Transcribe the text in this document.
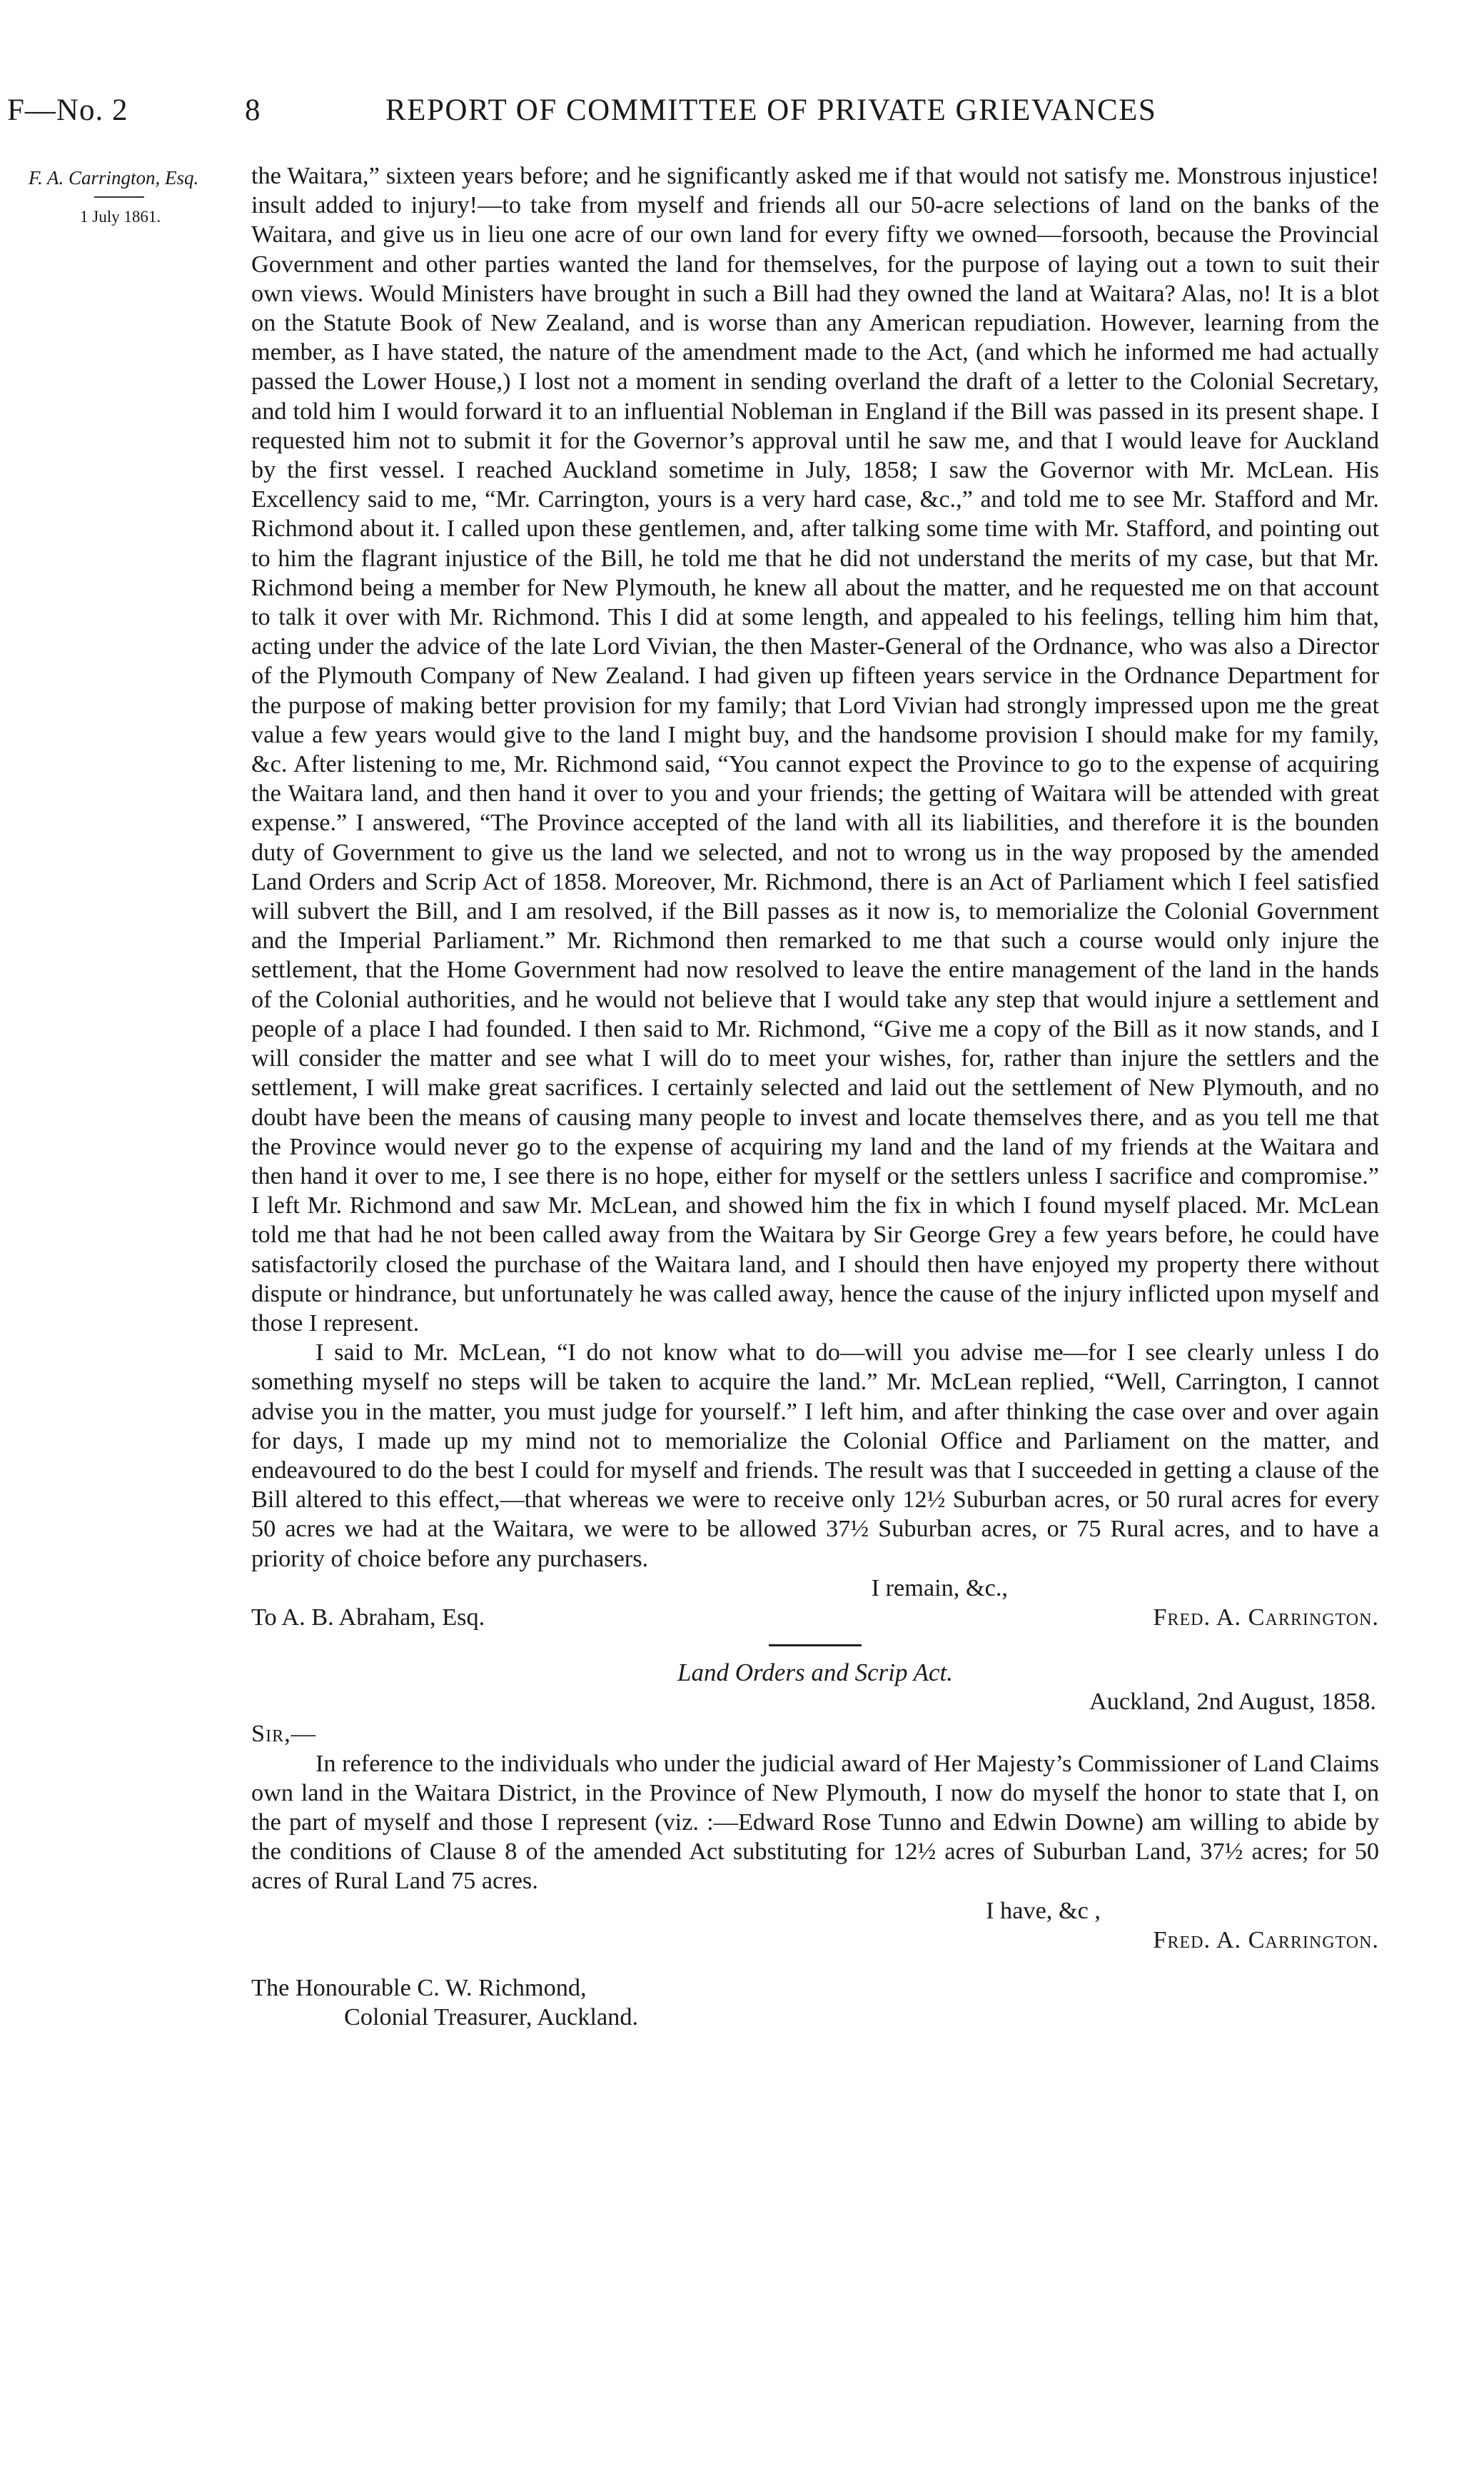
F—No. 2	8	REPORT OF COMMITTEE OF PRIVATE GRIEVANCES
F. A. Carrington, Esq.
1 July 1861.

the Waitara,” sixteen years before; and he significantly asked me if that would not satisfy me. Monstrous injustice! insult added to injury!—to take from myself and friends all our 50-acre selections of land on the banks of the Waitara, and give us in lieu one acre of our own land for every fifty we owned—forsooth, because the Provincial Government and other parties wanted the land for themselves, for the purpose of laying out a town to suit their own views. Would Ministers have brought in such a Bill had they owned the land at Waitara? Alas, no! It is a blot on the Statute Book of New Zealand, and is worse than any American repudiation. However, learning from the member, as I have stated, the nature of the amendment made to the Act, (and which he informed me had actually passed the Lower House,) I lost not a moment in sending overland the draft of a letter to the Colonial Secretary, and told him I would forward it to an influential Nobleman in England if the Bill was passed in its present shape. I requested him not to submit it for the Governor’s approval until he saw me, and that I would leave for Auckland by the first vessel. I reached Auckland sometime in July, 1858; I saw the Governor with Mr. McLean. His Excellency said to me, “Mr. Carrington, yours is a very hard case, &c.,” and told me to see Mr. Stafford and Mr. Richmond about it. I called upon these gentlemen, and, after talking some time with Mr. Stafford, and pointing out to him the flagrant injustice of the Bill, he told me that he did not understand the merits of my case, but that Mr. Richmond being a member for New Plymouth, he knew all about the matter, and he requested me on that account to talk it over with Mr. Richmond. This I did at some length, and appealed to his feelings, telling him him that, acting under the advice of the late Lord Vivian, the then Master-General of the Ordnance, who was also a Director of the Plymouth Company of New Zealand. I had given up fifteen years service in the Ordnance Department for the purpose of making better provision for my family; that Lord Vivian had strongly impressed upon me the great value a few years would give to the land I might buy, and the handsome provision I should make for my family, &c. After listening to me, Mr. Richmond said, “You cannot expect the Province to go to the expense of acquiring the Waitara land, and then hand it over to you and your friends; the getting of Waitara will be attended with great expense.” I answered, “The Province accepted of the land with all its liabilities, and therefore it is the bounden duty of Government to give us the land we selected, and not to wrong us in the way proposed by the amended Land Orders and Scrip Act of 1858. Moreover, Mr. Richmond, there is an Act of Parliament which I feel satisfied will subvert the Bill, and I am resolved, if the Bill passes as it now is, to memorialize the Colonial Government and the Imperial Parliament.” Mr. Richmond then remarked to me that such a course would only injure the settlement, that the Home Government had now resolved to leave the entire management of the land in the hands of the Colonial authorities, and he would not believe that I would take any step that would injure a settlement and people of a place I had founded. I then said to Mr. Richmond, “Give me a copy of the Bill as it now stands, and I will consider the matter and see what I will do to meet your wishes, for, rather than injure the settlers and the settlement, I will make great sacrifices. I certainly selected and laid out the settlement of New Plymouth, and no doubt have been the means of causing many people to invest and locate themselves there, and as you tell me that the Province would never go to the expense of acquiring my land and the land of my friends at the Waitara and then hand it over to me, I see there is no hope, either for myself or the settlers unless I sacrifice and compromise.” I left Mr. Richmond and saw Mr. McLean, and showed him the fix in which I found myself placed. Mr. McLean told me that had he not been called away from the Waitara by Sir George Grey a few years before, he could have satisfactorily closed the purchase of the Waitara land, and I should then have enjoyed my property there without dispute or hindrance, but unfortunately he was called away, hence the cause of the injury inflicted upon myself and those I represent.

I said to Mr. McLean, “I do not know what to do—will you advise me—for I see clearly unless I do something myself no steps will be taken to acquire the land.” Mr. McLean replied, “Well, Carrington, I cannot advise you in the matter, you must judge for yourself.” I left him, and after thinking the case over and over again for days, I made up my mind not to memorialize the Colonial Office and Parliament on the matter, and endeavoured to do the best I could for myself and friends. The result was that I succeeded in getting a clause of the Bill altered to this effect,—that whereas we were to receive only 12½ Suburban acres, or 50 rural acres for every 50 acres we had at the Waitara, we were to be allowed 37½ Suburban acres, or 75 Rural acres, and to have a priority of choice before any purchasers.

I remain, &c.,
To A. B. Abraham, Esq.	Fred. A. Carrington.
Land Orders and Scrip Act.
Auckland, 2nd August, 1858.
Sir,—

In reference to the individuals who under the judicial award of Her Majesty’s Commissioner of Land Claims own land in the Waitara District, in the Province of New Plymouth, I now do myself the honor to state that I, on the part of myself and those I represent (viz. :—Edward Rose Tunno and Edwin Downe) am willing to abide by the conditions of Clause 8 of the amended Act substituting for 12½ acres of Suburban Land, 37½ acres; for 50 acres of Rural Land 75 acres.

I have, &c ,
Fred. A. Carrington.
The Honourable C. W. Richmond,
Colonial Treasurer, Auckland.
